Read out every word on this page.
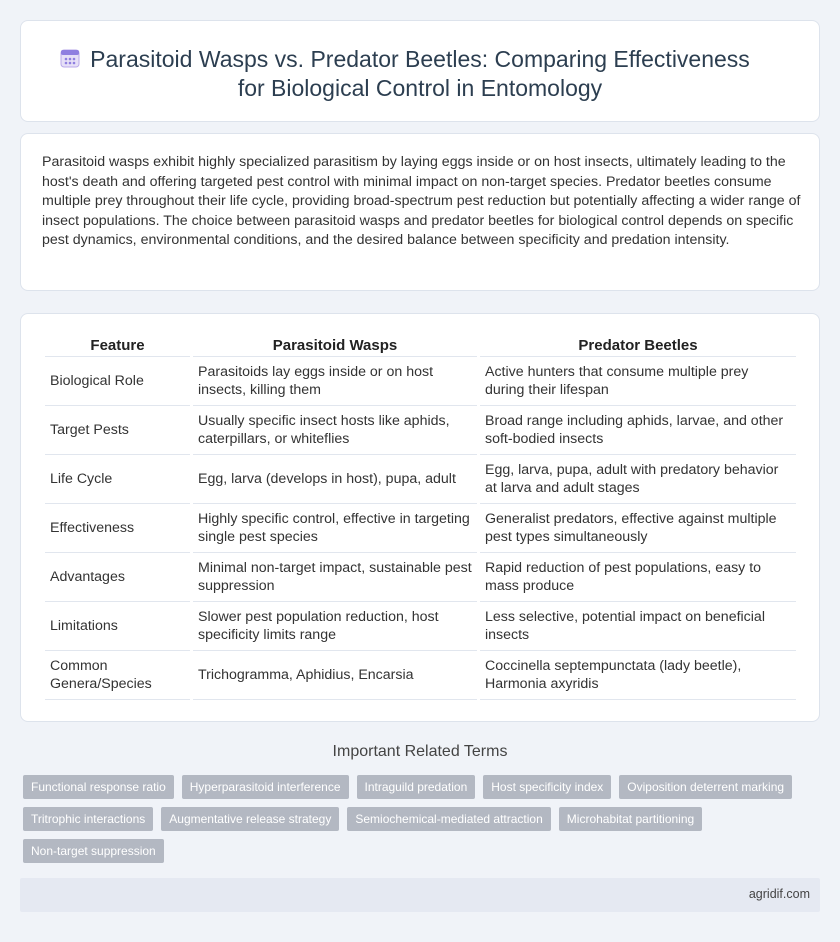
Parasitoid Wasps vs. Predator Beetles: Comparing Effectiveness
for Biological Control in Entomology

Parasitoid wasps exhibit highly specialized parasitism by laying eggs inside or on host insects, ultimately leading to the host's death and offering targeted pest control with minimal impact on non-target species. Predator beetles consume multiple prey throughout their life cycle, providing broad-spectrum pest reduction but potentially affecting a wider range of insect populations. The choice between parasitoid wasps and predator beetles for biological control depends on specific pest dynamics, environmental conditions, and the desired balance between specificity and predation intensity.

Feature	Parasitoid Wasps	Predator Beetles
Biological Role	Parasitoids lay eggs inside or on host insects, killing them	Active hunters that consume multiple prey during their lifespan
Target Pests	Usually specific insect hosts like aphids, caterpillars, or whiteflies	Broad range including aphids, larvae, and other soft-bodied insects
Life Cycle	Egg, larva (develops in host), pupa, adult	Egg, larva, pupa, adult with predatory behavior at larva and adult stages
Effectiveness	Highly specific control, effective in targeting single pest species	Generalist predators, effective against multiple pest types simultaneously
Advantages	Minimal non-target impact, sustainable pest suppression	Rapid reduction of pest populations, easy to mass produce
Limitations	Slower pest population reduction, host specificity limits range	Less selective, potential impact on beneficial insects
Common Genera/Species	Trichogramma, Aphidius, Encarsia	Coccinella septempunctata (lady beetle), Harmonia axyridis
Important Related Terms
Functional response ratio	Hyperparasitoid interference	Intraguild predation	Host specificity index	Oviposition deterrent marking
Tritrophic interactions	Augmentative release strategy	Semiochemical-mediated attraction	Microhabitat partitioning
Non-target suppression
agridif.com
